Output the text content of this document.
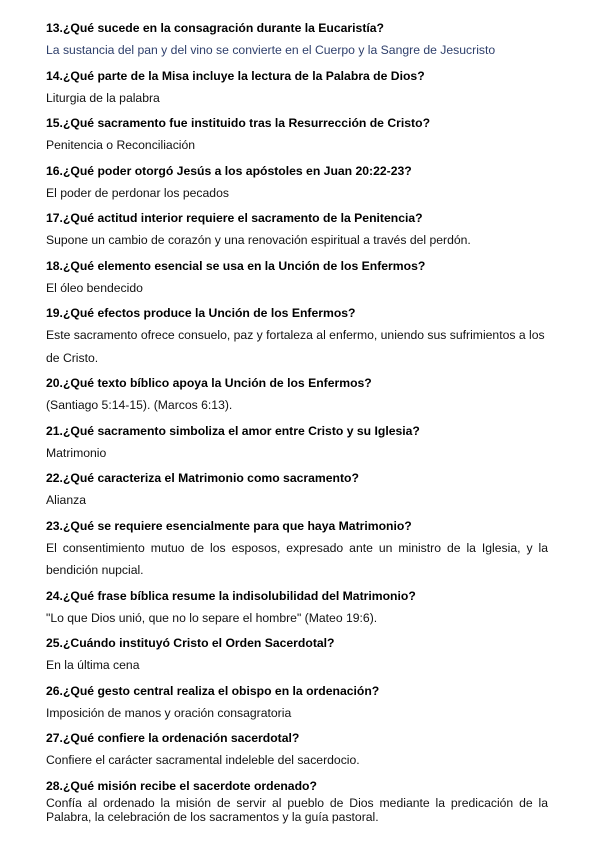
13.¿Qué sucede en la consagración durante la Eucaristía?

La sustancia del pan y del vino se convierte en el Cuerpo y la Sangre de Jesucristo

14.¿Qué parte de la Misa incluye la lectura de la Palabra de Dios?

Liturgia de la palabra

15.¿Qué sacramento fue instituido tras la Resurrección de Cristo?

Penitencia o Reconciliación

16.¿Qué poder otorgó Jesús a los apóstoles en Juan 20:22-23?

El poder de perdonar los pecados

17.¿Qué actitud interior requiere el sacramento de la Penitencia?

Supone un cambio de corazón y una renovación espiritual a través del perdón.

18.¿Qué elemento esencial se usa en la Unción de los Enfermos?

El óleo bendecido

19.¿Qué efectos produce la Unción de los Enfermos?

Este sacramento ofrece consuelo, paz y fortaleza al enfermo, uniendo sus sufrimientos a los de Cristo.

20.¿Qué texto bíblico apoya la Unción de los Enfermos?

(Santiago 5:14-15). (Marcos 6:13).

21.¿Qué sacramento simboliza el amor entre Cristo y su Iglesia?

Matrimonio

22.¿Qué caracteriza el Matrimonio como sacramento?

Alianza

23.¿Qué se requiere esencialmente para que haya Matrimonio?

El consentimiento mutuo de los esposos, expresado ante un ministro de la Iglesia, y la bendición nupcial.

24.¿Qué frase bíblica resume la indisolubilidad del Matrimonio?

"Lo que Dios unió, que no lo separe el hombre" (Mateo 19:6).

25.¿Cuándo instituyó Cristo el Orden Sacerdotal?

En la última cena

26.¿Qué gesto central realiza el obispo en la ordenación?

Imposición de manos y oración consagratoria

27.¿Qué confiere la ordenación sacerdotal?

Confiere el carácter sacramental indeleble del sacerdocio.

28.¿Qué misión recibe el sacerdote ordenado?

Confía al ordenado la misión de servir al pueblo de Dios mediante la predicación de la Palabra, la celebración de los sacramentos y la guía pastoral.
